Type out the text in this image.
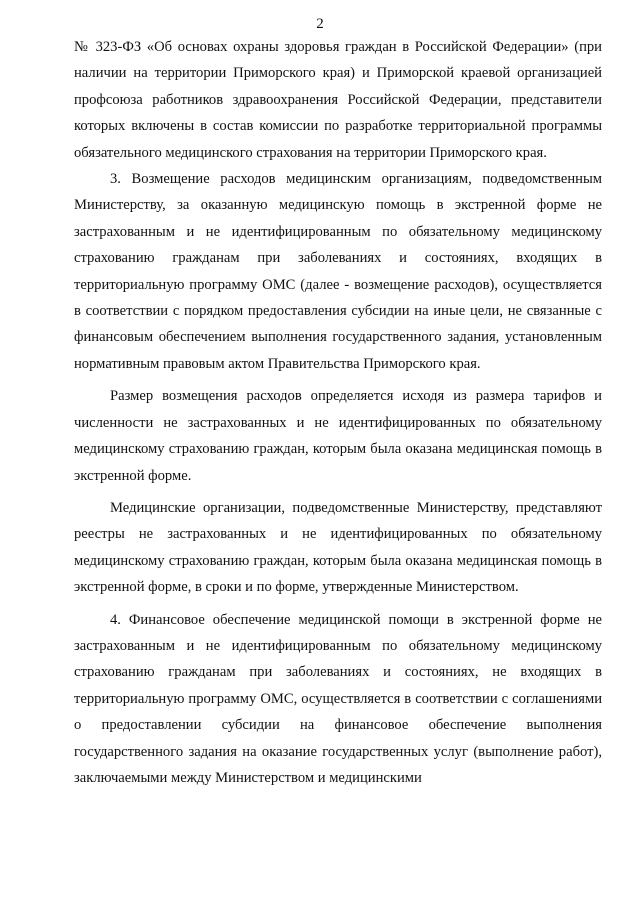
2

№ 323-ФЗ «Об основах охраны здоровья граждан в Российской Федерации» (при наличии на территории Приморского края) и Приморской краевой организацией профсоюза работников здравоохранения Российской Федерации, представители которых включены в состав комиссии по разработке территориальной программы обязательного медицинского страхования на территории Приморского края.

3. Возмещение расходов медицинским организациям, подведомственным Министерству, за оказанную медицинскую помощь в экстренной форме не застрахованным и не идентифицированным по обязательному медицинскому страхованию гражданам при заболеваниях и состояниях, входящих в территориальную программу ОМС (далее - возмещение расходов), осуществляется в соответствии с порядком предоставления субсидии на иные цели, не связанные с финансовым обеспечением выполнения государственного задания, установленным нормативным правовым актом Правительства Приморского края.

Размер возмещения расходов определяется исходя из размера тарифов и численности не застрахованных и не идентифицированных по обязательному медицинскому страхованию граждан, которым была оказана медицинская помощь в экстренной форме.

Медицинские организации, подведомственные Министерству, представляют реестры не застрахованных и не идентифицированных по обязательному медицинскому страхованию граждан, которым была оказана медицинская помощь в экстренной форме, в сроки и по форме, утвержденные Министерством.

4. Финансовое обеспечение медицинской помощи в экстренной форме не застрахованным и не идентифицированным по обязательному медицинскому страхованию гражданам при заболеваниях и состояниях, не входящих в территориальную программу ОМС, осуществляется в соответствии с соглашениями о предоставлении субсидии на финансовое обеспечение выполнения государственного задания на оказание государственных услуг (выполнение работ), заключаемыми между Министерством и медицинскими
